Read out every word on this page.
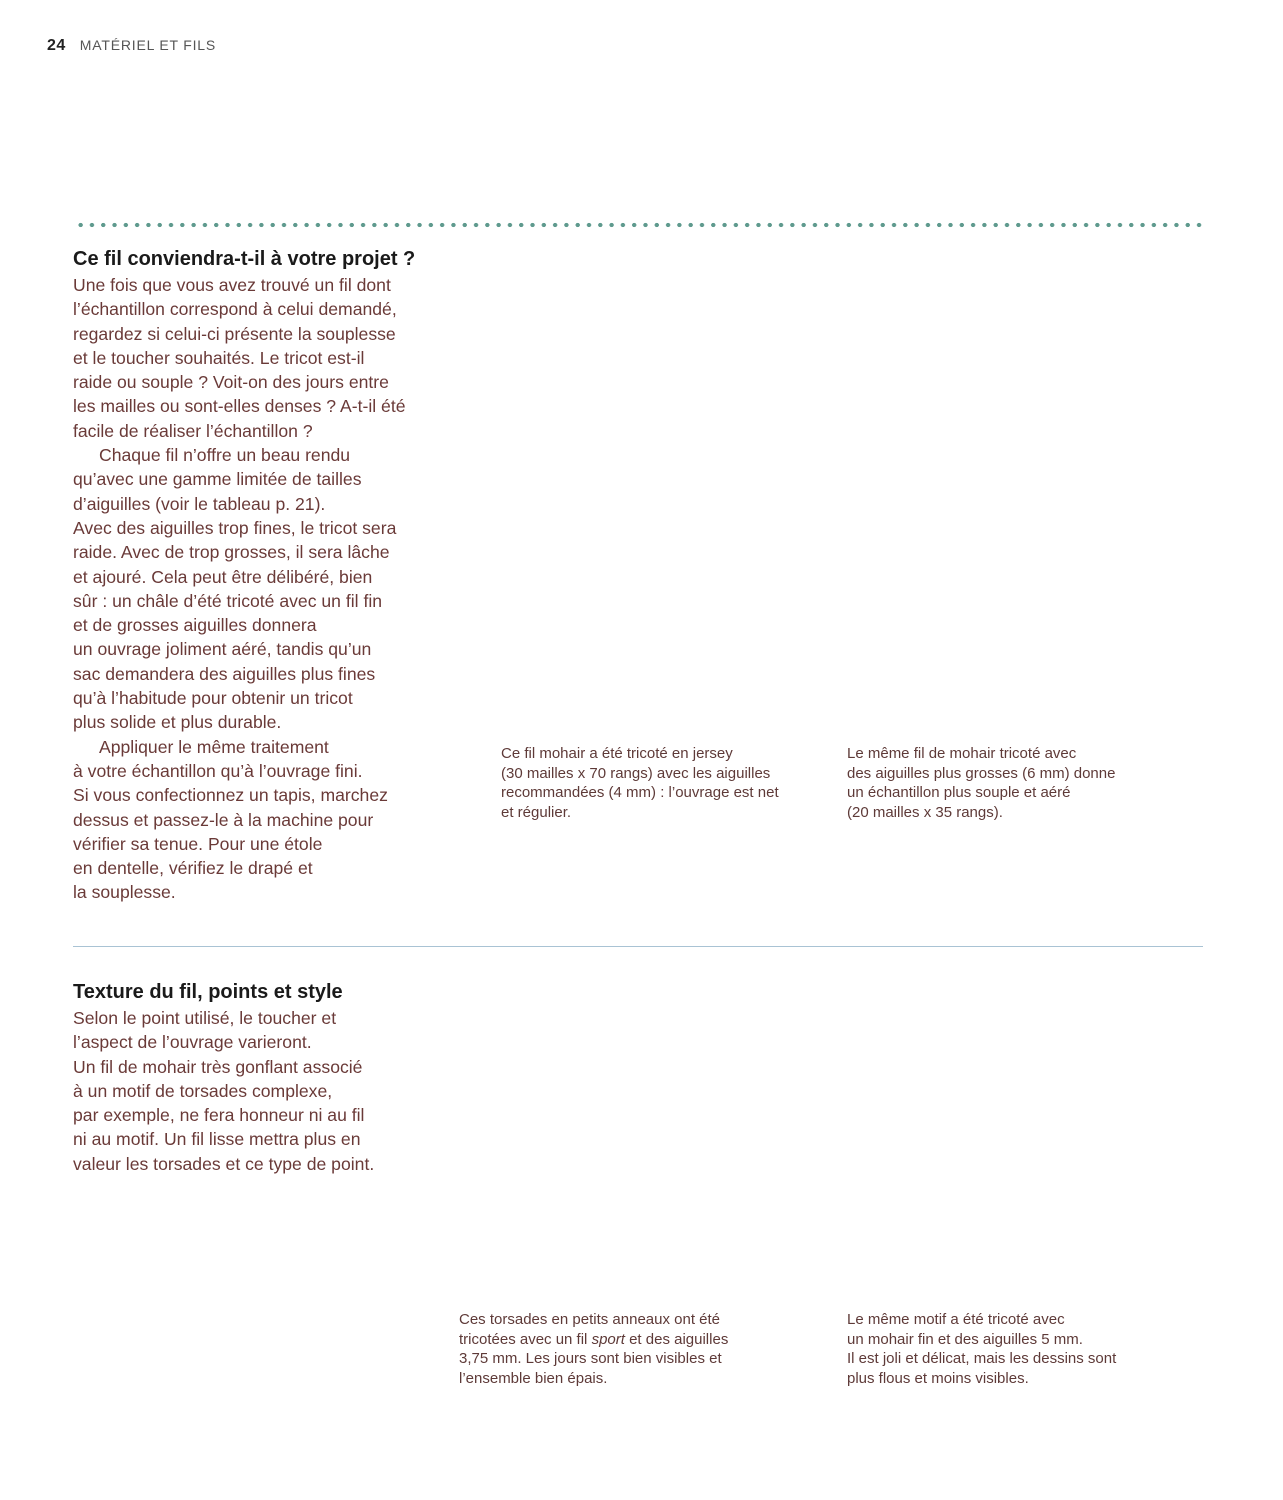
24 MATÉRIEL ET FILS
Ce fil conviendra-t-il à votre projet ?
Une fois que vous avez trouvé un fil dont
l’échantillon correspond à celui demandé,
regardez si celui-ci présente la souplesse
et le toucher souhaités. Le tricot est-il
raide ou souple ? Voit-on des jours entre
les mailles ou sont-elles denses ? A-t-il été
facile de réaliser l’échantillon ?
Chaque fil n’offre un beau rendu
qu’avec une gamme limitée de tailles
d’aiguilles (voir le tableau p. 21).
Avec des aiguilles trop fines, le tricot sera
raide. Avec de trop grosses, il sera lâche
et ajouré. Cela peut être délibéré, bien
sûr : un châle d’été tricoté avec un fil fin
et de grosses aiguilles donnera
un ouvrage joliment aéré, tandis qu’un
sac demandera des aiguilles plus fines
qu’à l’habitude pour obtenir un tricot
plus solide et plus durable.
Appliquer le même traitement
à votre échantillon qu’à l’ouvrage fini.
Si vous confectionnez un tapis, marchez
dessus et passez-le à la machine pour
vérifier sa tenue. Pour une étole
en dentelle, vérifiez le drapé et
la souplesse.
Ce fil mohair a été tricoté en jersey
(30 mailles x 70 rangs) avec les aiguilles
recommandées (4 mm) : l’ouvrage est net
et régulier.
Le même fil de mohair tricoté avec
des aiguilles plus grosses (6 mm) donne
un échantillon plus souple et aéré
(20 mailles x 35 rangs).
Texture du fil, points et style
Selon le point utilisé, le toucher et
l’aspect de l’ouvrage varieront.
Un fil de mohair très gonflant associé
à un motif de torsades complexe,
par exemple, ne fera honneur ni au fil
ni au motif. Un fil lisse mettra plus en
valeur les torsades et ce type de point.
Ces torsades en petits anneaux ont été
tricotées avec un fil sport et des aiguilles
3,75 mm. Les jours sont bien visibles et
l’ensemble bien épais.
Le même motif a été tricoté avec
un mohair fin et des aiguilles 5 mm.
Il est joli et délicat, mais les dessins sont
plus flous et moins visibles.
